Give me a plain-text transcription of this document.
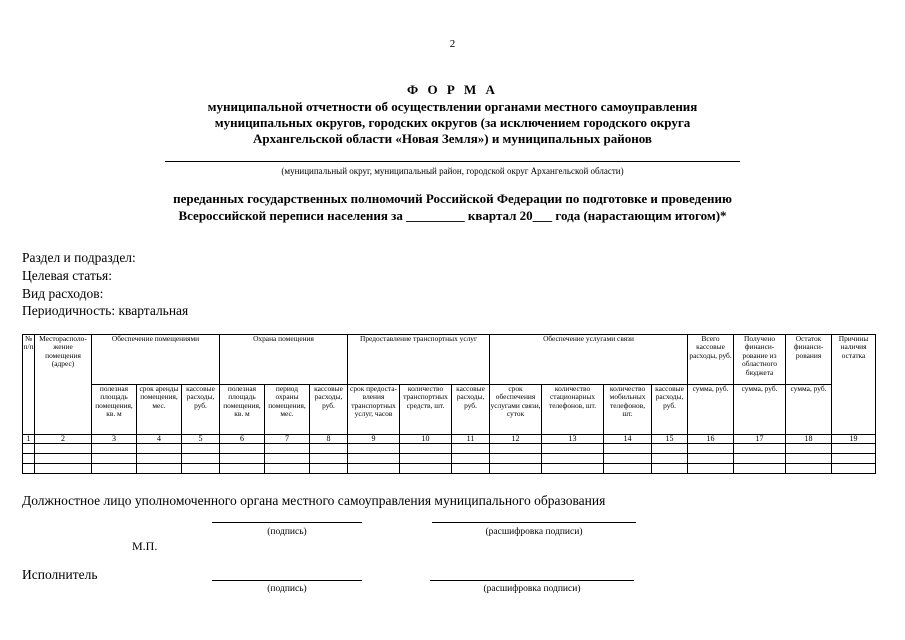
2
Ф О Р М А
муниципальной отчетности об осуществлении органами местного самоуправления
муниципальных округов, городских округов (за исключением городского округа
Архангельской области «Новая Земля») и муниципальных районов
(муниципальный округ, муниципальный район, городской округ Архангельской области)
переданных государственных полномочий Российской Федерации по подготовке и проведению
Всероссийской переписи населения за _________ квартал 20___ года (нарастающим итогом)*
Раздел и подраздел:
Целевая статья:
Вид расходов:
Периодичность: квартальная
№ п/п	Месторасполо-жение помещения (адрес)	Обеспечение помещениями			Охрана помещения			Предоставление транспортных услуг			Обеспечение услугами связи				Всего кассовые расходы, руб.	Получено финанси-рование из областного бюджета	Остаток финанси-рования	Причины наличия остатка
		полезная площадь помещения, кв. м	срок аренды помещения, мес.	кассовые расходы, руб.	полезная площадь помещения, кв. м	период охраны помещения, мес.	кассовые расходы, руб.	срок предоста-вления транспортных услуг, часов	количество транспортных средств, шт.	кассовые расходы, руб.	срок обеспечения услугами связи, суток	количество стационарных телефонов, шт.	количество мобильных телефонов, шт.	кассовые расходы, руб.	сумма, руб.	сумма, руб.	сумма, руб.	
1	2	3	4	5	6	7	8	9	10	11	12	13	14	15	16	17	18	19

Должностное лицо уполномоченного органа местного самоуправления муниципального образования
(подпись)	(расшифровка подписи)
М.П.
Исполнитель
(подпись)	(расшифровка подписи)
